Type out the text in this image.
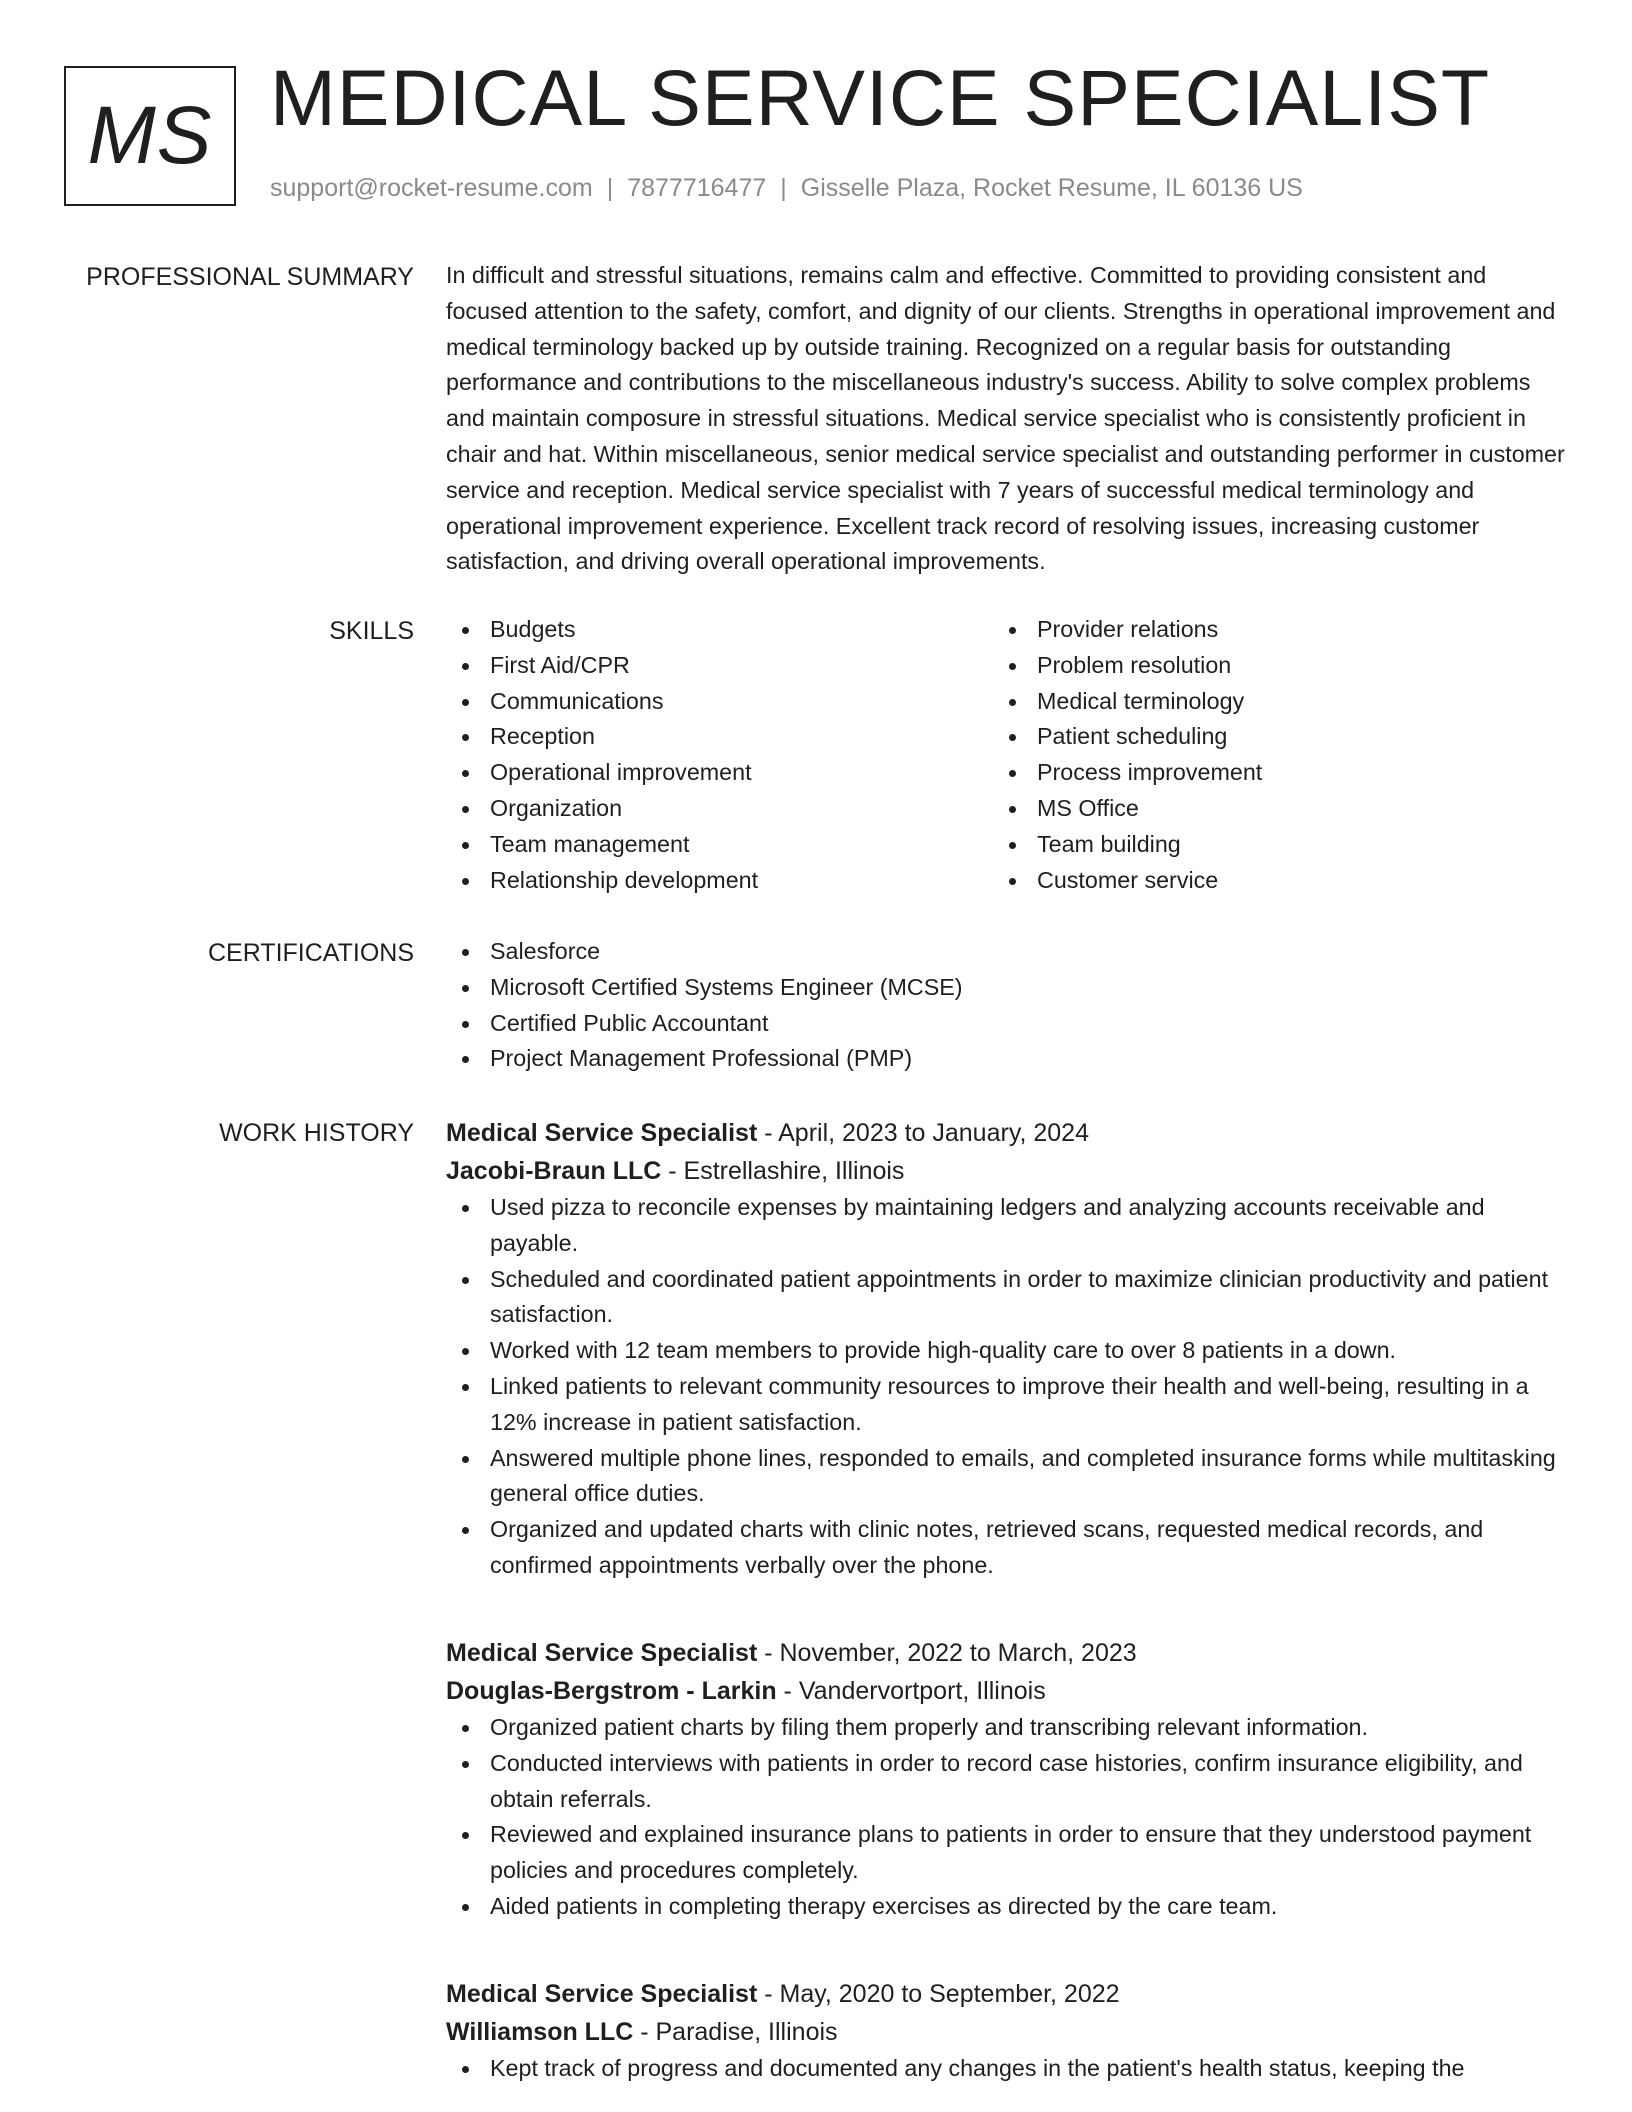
MS MEDICAL SERVICE SPECIALIST
support@rocket-resume.com | 7877716477 | Gisselle Plaza, Rocket Resume, IL 60136 US
PROFESSIONAL SUMMARY In difficult and stressful situations, remains calm and effective. Committed to providing consistent and focused attention to the safety, comfort, and dignity of our clients. Strengths in operational improvement and medical terminology backed up by outside training. Recognized on a regular basis for outstanding performance and contributions to the miscellaneous industry's success. Ability to solve complex problems and maintain composure in stressful situations. Medical service specialist who is consistently proficient in chair and hat. Within miscellaneous, senior medical service specialist and outstanding performer in customer service and reception. Medical service specialist with 7 years of successful medical terminology and operational improvement experience. Excellent track record of resolving issues, increasing customer satisfaction, and driving overall operational improvements.
SKILLS	Budgets
First Aid/CPR
Communications
Reception
Operational improvement
Organization
Team management
Relationship development
Provider relations
Problem resolution
Medical terminology
Patient scheduling
Process improvement
MS Office
Team building
Customer service
CERTIFICATIONS	Salesforce
Microsoft Certified Systems Engineer (MCSE)
Certified Public Accountant
Project Management Professional (PMP)
WORK HISTORY Medical Service Specialist - April, 2023 to January, 2024
Jacobi-Braun LLC - Estrellashire, Illinois
Used pizza to reconcile expenses by maintaining ledgers and analyzing accounts receivable and payable.
Scheduled and coordinated patient appointments in order to maximize clinician productivity and patient satisfaction.
Worked with 12 team members to provide high-quality care to over 8 patients in a down.
Linked patients to relevant community resources to improve their health and well-being, resulting in a 12% increase in patient satisfaction.
Answered multiple phone lines, responded to emails, and completed insurance forms while multitasking general office duties.
Organized and updated charts with clinic notes, retrieved scans, requested medical records, and confirmed appointments verbally over the phone.
Medical Service Specialist - November, 2022 to March, 2023
Douglas-Bergstrom - Larkin - Vandervortport, Illinois
Organized patient charts by filing them properly and transcribing relevant information.
Conducted interviews with patients in order to record case histories, confirm insurance eligibility, and obtain referrals.
Reviewed and explained insurance plans to patients in order to ensure that they understood payment policies and procedures completely.
Aided patients in completing therapy exercises as directed by the care team.
Medical Service Specialist - May, 2020 to September, 2022
Williamson LLC - Paradise, Illinois
Kept track of progress and documented any changes in the patient's health status, keeping the
